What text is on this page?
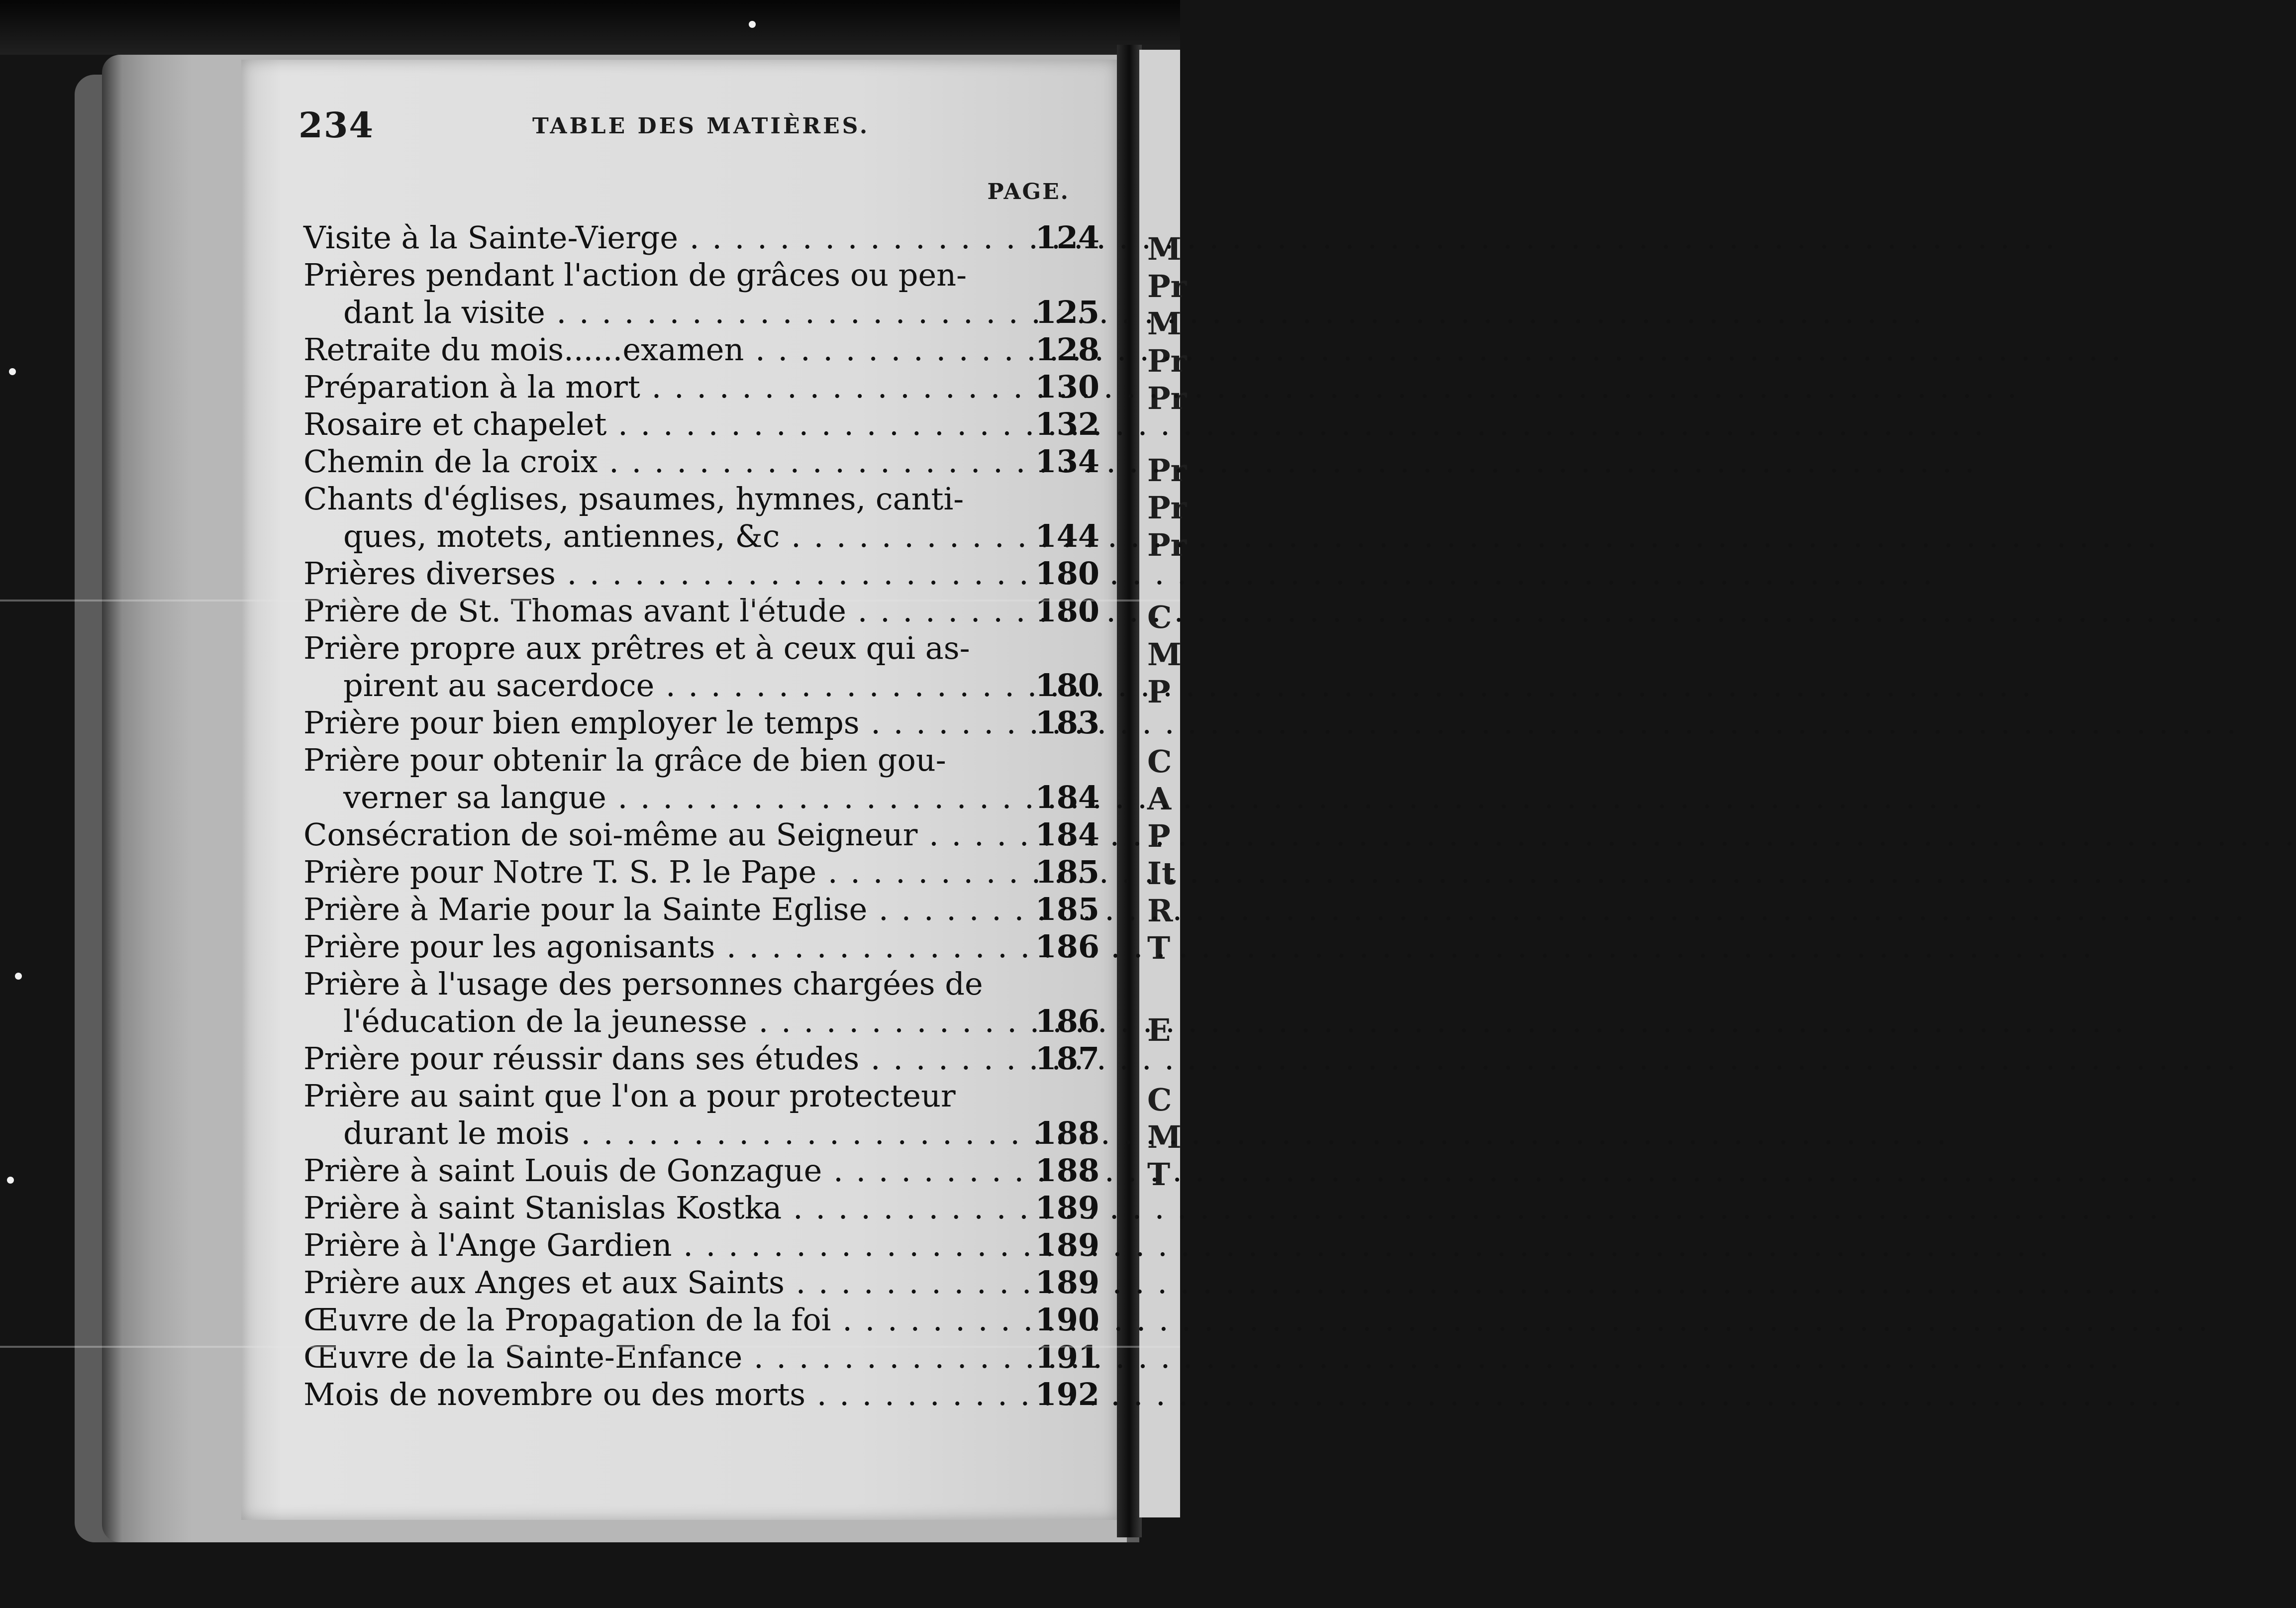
M
Pr
M
Pr
Pr
Pr
Pr
Pr
C
M
P
C
A
P
It
R
T
E
C
M
T
234	TABLE DES MATIÈRES.
PAGE.
Visite à la Sainte-Vierge . . .	124
Prières pendant l'action de grâces ou pen-
dant la visite . . .	125
Retraite du mois......examen . . .	128
Préparation à la mort . . .	130
Rosaire et chapelet . . .	132
Chemin de la croix . . .	134
Chants d'églises, psaumes, hymnes, canti-
ques, motets, antiennes, &c . . .	144
Prières diverses . . .	180
Prière de St. Thomas avant l'étude . . .	180
Prière propre aux prêtres et à ceux qui as-
pirent au sacerdoce . . .	180
Prière pour bien employer le temps . . .	183
Prière pour obtenir la grâce de bien gou-
verner sa langue . . .	184
Consécration de soi-même au Seigneur . . .	184
Prière pour Notre T. S. P. le Pape . . .	185
Prière à Marie pour la Sainte Eglise . . .	185
Prière pour les agonisants . . .	186
Prière à l'usage des personnes chargées de
l'éducation de la jeunesse . . .	186
Prière pour réussir dans ses études . . .	187
Prière au saint que l'on a pour protecteur
durant le mois . . .	188
Prière à saint Louis de Gonzague . . .	188
Prière à saint Stanislas Kostka . . .	189
Prière à l'Ange Gardien . . .	189
Prière aux Anges et aux Saints . . .	189
Œuvre de la Propagation de la foi . . .	190
Œuvre de la Sainte-Enfance . . .	191
Mois de novembre ou des morts . . .	192
